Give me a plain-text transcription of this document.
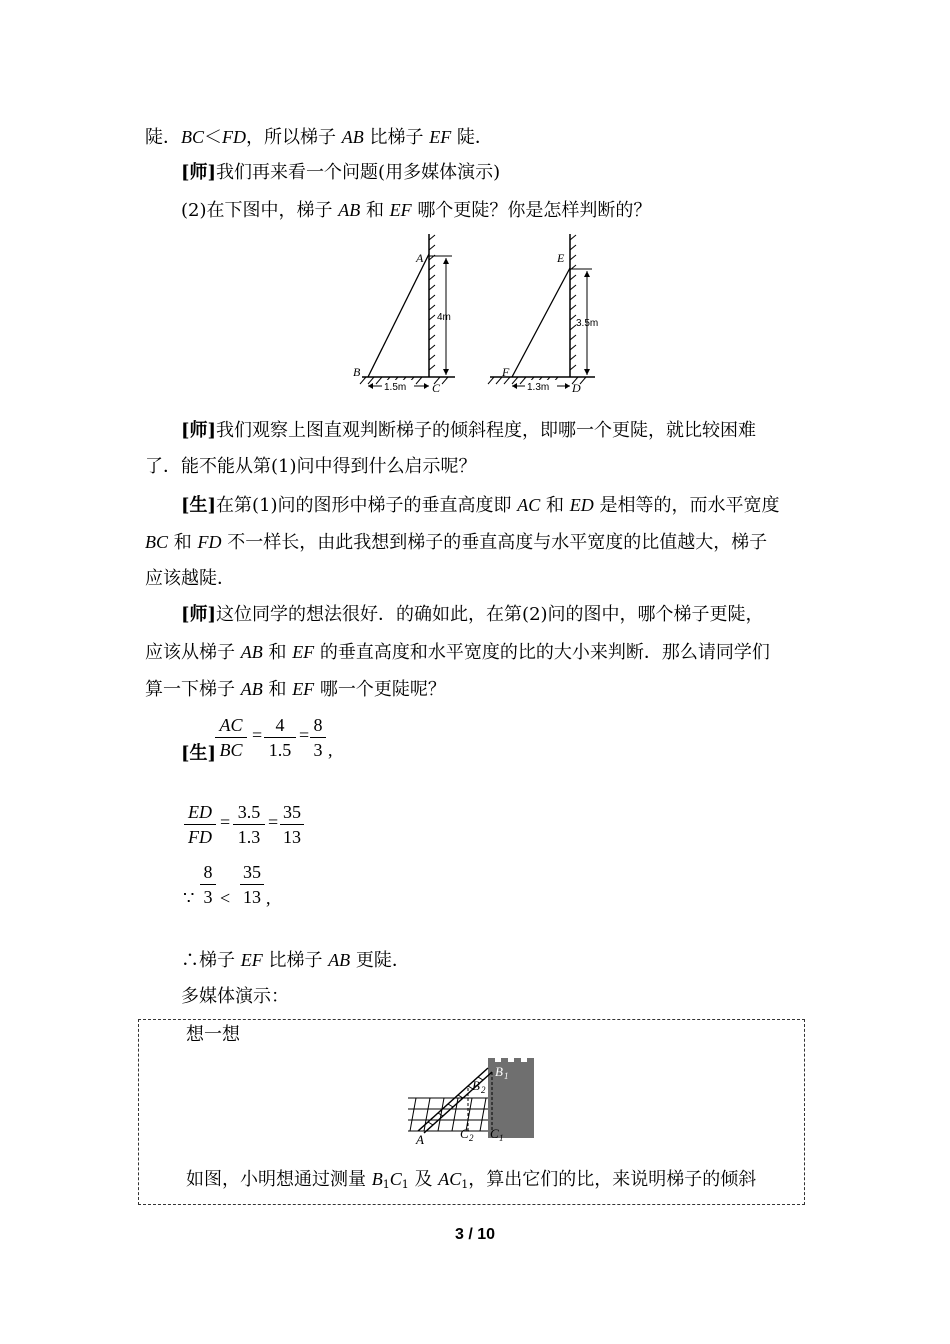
陡．BC＜FD，所以梯子 AB 比梯子 EF 陡．
[师]我们再来看一个问题(用多媒体演示)
(2)在下图中，梯子 AB 和 EF 哪个更陡？你是怎样判断的？
4m
1.5m
A
B
C
3.5m
1.3m
E
F
D
[师]我们观察上图直观判断梯子的倾斜程度，即哪一个更陡，就比较困难
了．能不能从第(1)问中得到什么启示呢？
[生]在第(1)问的图形中梯子的垂直高度即 AC 和 ED 是相等的，而水平宽度
BC 和 FD 不一样长，由此我想到梯子的垂直高度与水平宽度的比值越大，梯子
应该越陡．
[师]这位同学的想法很好．的确如此，在第(2)问的图中，哪个梯子更陡，
应该从梯子 AB 和 EF 的垂直高度和水平宽度的比的大小来判断．那么请同学们
算一下梯子 AB 和 EF 哪一个更陡呢？
[生]
AC
BC
= 4
1.5
= 8
3 ,
ED
FD
= 3.5
1.3
= 35
13
∵
8
3 <
35
13 ,
∴梯子 EF 比梯子 AB 更陡．
多媒体演示：
想一想
A	C 2 C 1
B 1
B 2
如图，小明想通过测量 $B_1C_1$ 及 $AC_1$，算出它们的比，来说明梯子的倾斜
3 / 10
